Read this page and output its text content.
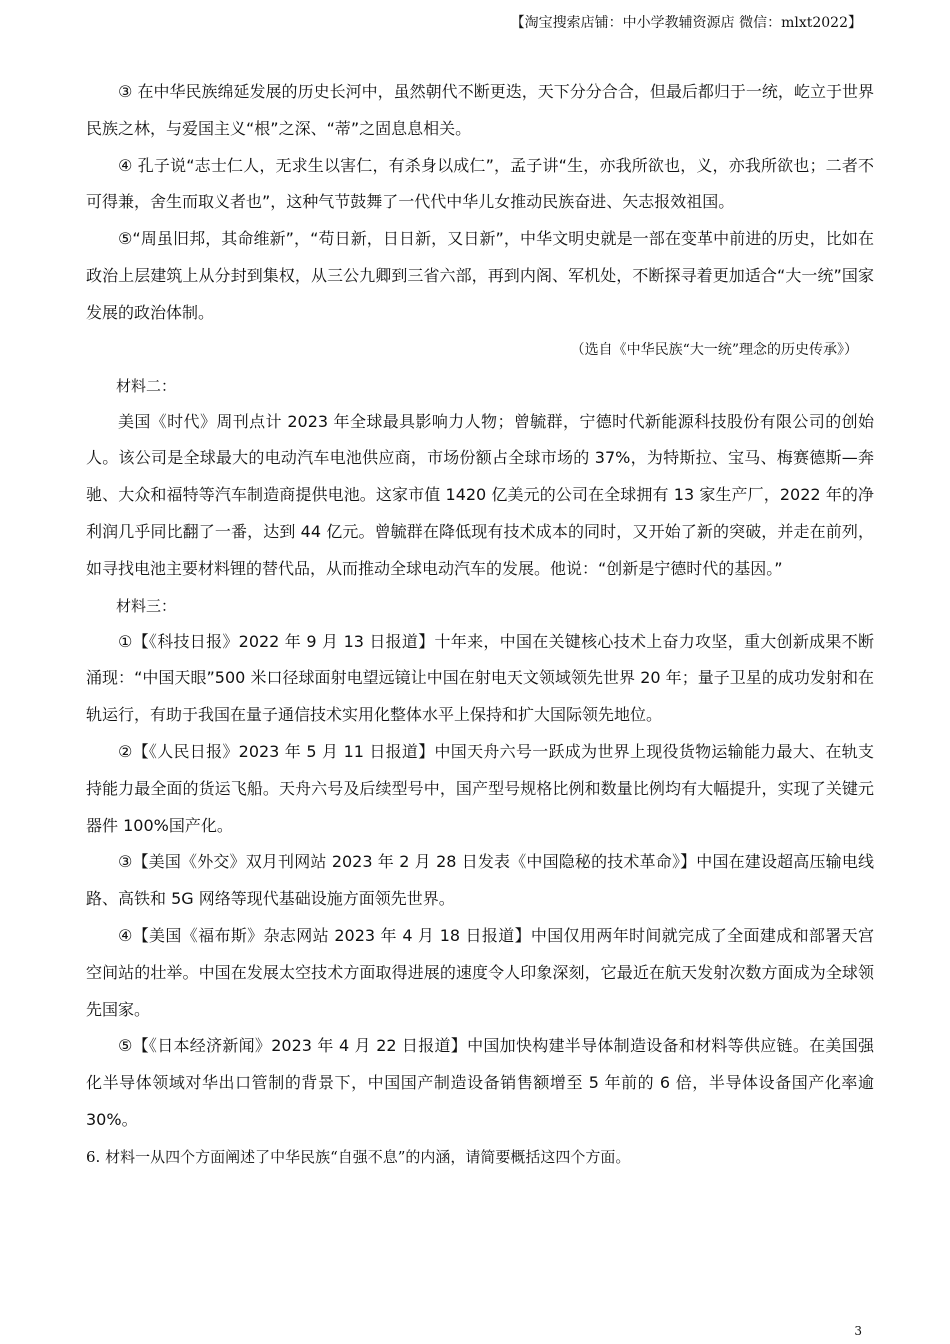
【淘宝搜索店铺：中小学教辅资源店 微信：mlxt2022】

③ 在中华民族绵延发展的历史长河中，虽然朝代不断更迭，天下分分合合，但最后都归于一统，屹立于世界民族之林，与爱国主义“根”之深、“蒂”之固息息相关。

④ 孔子说“志士仁人，无求生以害仁，有杀身以成仁”，孟子讲“生，亦我所欲也，义，亦我所欲也；二者不可得兼，舍生而取义者也”，这种气节鼓舞了一代代中华儿女推动民族奋进、矢志报效祖国。

⑤“周虽旧邦，其命维新”，“苟日新，日日新，又日新”，中华文明史就是一部在变革中前进的历史，比如在政治上层建筑上从分封到集权，从三公九卿到三省六部，再到内阁、军机处，不断探寻着更加适合“大一统”国家发展的政治体制。

（选自《中华民族“大一统”理念的历史传承》）

材料二：

美国《时代》周刊点计 2023 年全球最具影响力人物；曾毓群，宁德时代新能源科技股份有限公司的创始人。该公司是全球最大的电动汽车电池供应商，市场份额占全球市场的 37%，为特斯拉、宝马、梅赛德斯—奔驰、大众和福特等汽车制造商提供电池。这家市值 1420 亿美元的公司在全球拥有 13 家生产厂，2022 年的净利润几乎同比翻了一番，达到 44 亿元。曾毓群在降低现有技术成本的同时，又开始了新的突破，并走在前列，如寻找电池主要材料锂的替代品，从而推动全球电动汽车的发展。他说：“创新是宁德时代的基因。”

材料三：

①【《科技日报》2022 年 9 月 13 日报道】十年来，中国在关键核心技术上奋力攻坚，重大创新成果不断涌现：“中国天眼”500 米口径球面射电望远镜让中国在射电天文领域领先世界 20 年；量子卫星的成功发射和在轨运行，有助于我国在量子通信技术实用化整体水平上保持和扩大国际领先地位。

②【《人民日报》2023 年 5 月 11 日报道】中国天舟六号一跃成为世界上现役货物运输能力最大、在轨支持能力最全面的货运飞船。天舟六号及后续型号中，国产型号规格比例和数量比例均有大幅提升，实现了关键元器件 100%国产化。

③【美国《外交》双月刊网站 2023 年 2 月 28 日发表《中国隐秘的技术革命》】中国在建设超高压输电线路、高铁和 5G 网络等现代基础设施方面领先世界。

④【美国《福布斯》杂志网站 2023 年 4 月 18 日报道】中国仅用两年时间就完成了全面建成和部署天宫空间站的壮举。中国在发展太空技术方面取得进展的速度令人印象深刻，它最近在航天发射次数方面成为全球领先国家。

⑤【《日本经济新闻》2023 年 4 月 22 日报道】中国加快构建半导体制造设备和材料等供应链。在美国强化半导体领域对华出口管制的背景下，中国国产制造设备销售额增至 5 年前的 6 倍，半导体设备国产化率逾 30%。

6. 材料一从四个方面阐述了中华民族“自强不息”的内涵，请简要概括这四个方面。

3
